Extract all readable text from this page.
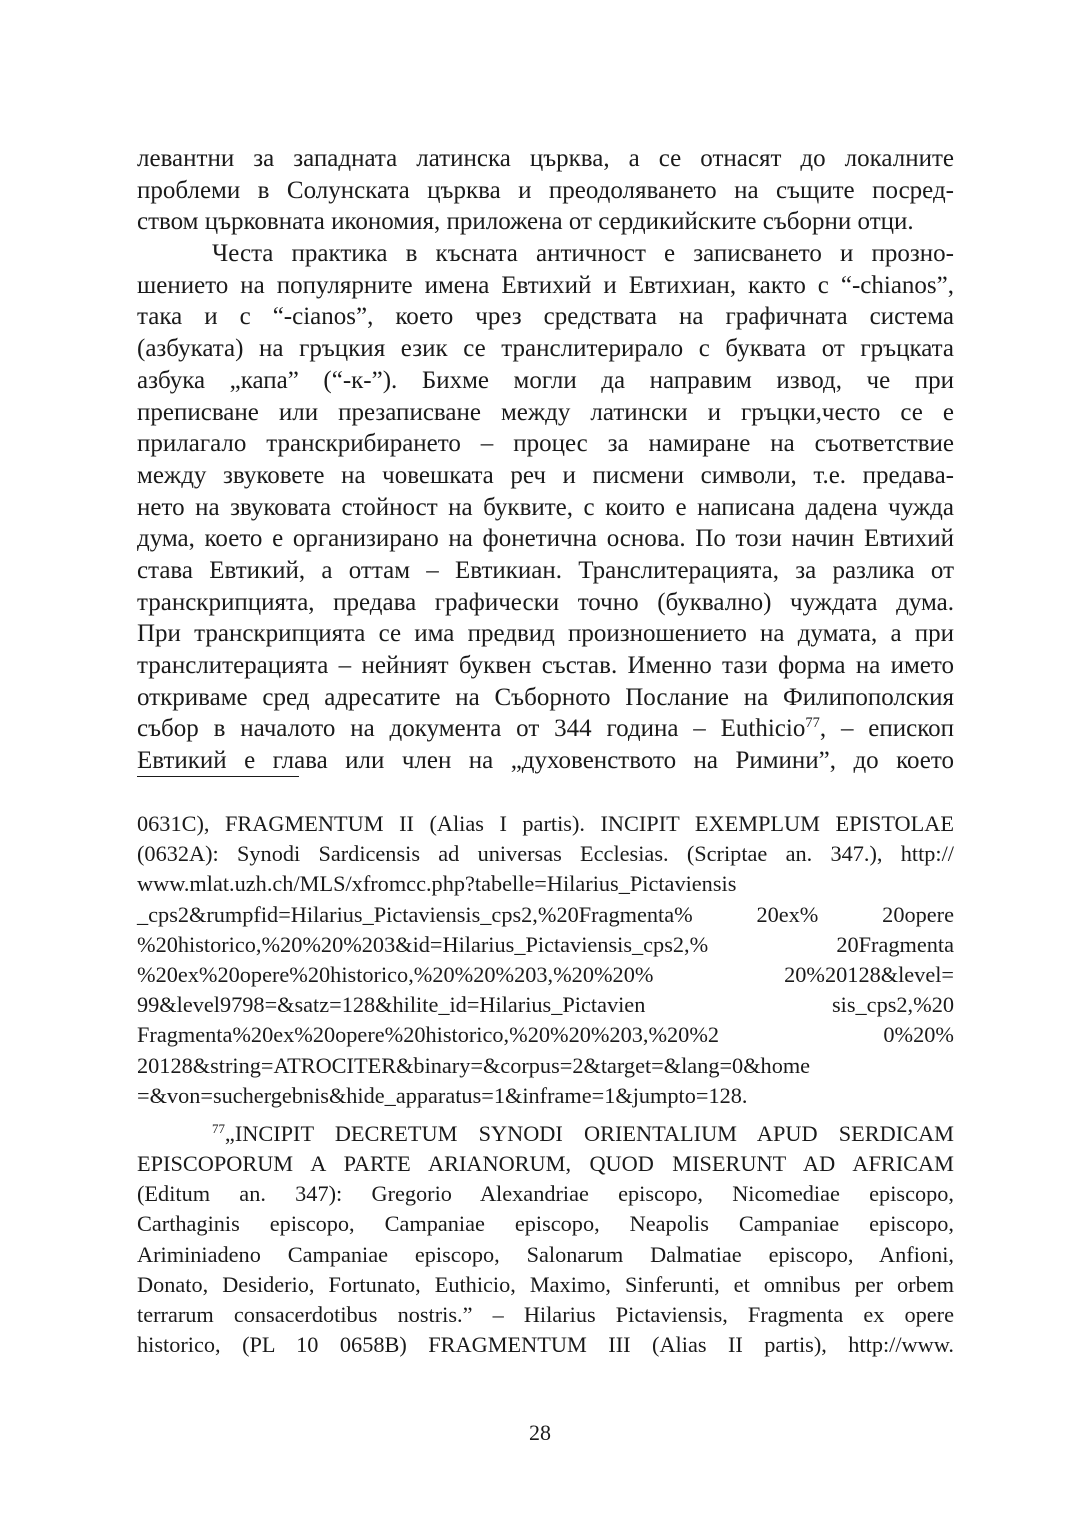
левантни за западната латинска църква, а се отнасят до локалните
проблеми в Солунската църква и преодоляването на същите посред-
ством църковната икономия, приложена от сердикийските съборни отци.
Честа практика в късната античност е записването и прозно-
шението на популярните имена Евтихий и Евтихиан, както с “-chianos”,
така и с “-cianos”, което чрез средствата на графичната система
(азбуката) на гръцкия език се транслитерирало с буквата от гръцката
азбука „капа” (“-к-”). Бихме могли да направим извод, че при
преписване или презаписване между латински и гръцки,често се е
прилагало транскрибирането – процес за намиране на съответствие
между звуковете на човешката реч и писмени символи, т.е. предава-
нето на звуковата стойност на буквите, с които е написана дадена чужда
дума, което е организирано на фонетична основа. По този начин Евтихий
става Евтикий, а оттам – Евтикиан. Транслитерацията, за разлика от
транскрипцията, предава графически точно (буквално) чуждата дума.
При транскрипцията се има предвид произношението на думата, а при
транслитерацията – нейният буквен състав. Именно тази форма на името
откриваме сред адресатите на Съборното Послание на Филипополския
събор в началото на документа от 344 година – Euthicio$^{77}$, – епископ
Евтикий е глава или член на „духовенството на Римини”, до което
0631C), FRAGMENTUM II (Alias I partis). INCIPIT EXEMPLUM EPISTOLAE
(0632A): Synodi Sardicensis ad universas Ecclesias. (Scriptae an. 347.), http://
www.mlat.uzh.ch/MLS/xfromcc.php?tabelle=Hilarius_Pictaviensis
_cps2&rumpfid=Hilarius_Pictaviensis_cps2,%20Fragmenta% 20ex% 20opere
%20historico,%20%20%203&id=Hilarius_Pictaviensis_cps2,% 20Fragmenta
%20ex%20opere%20historico,%20%20%203,%20%20% 20%20128&level=
99&level9798=&satz=128&hilite_id=Hilarius_Pictavien sis_cps2,%20
Fragmenta%20ex%20opere%20historico,%20%20%203,%20%2 0%20%
20128&string=ATROCITER&binary=&corpus=2&target=&lang=0&home
=&von=suchergebnis&hide_apparatus=1&inframe=1&jumpto=128.
$^{77}$„INCIPIT DECRETUM SYNODI ORIENTALIUM APUD SERDICAM
EPISCOPORUM A PARTE ARIANORUM, QUOD MISERUNT AD AFRICAM
(Editum an. 347): Gregorio Alexandriae episcopo, Nicomediae episcopo,
Carthaginis episcopo, Campaniae episcopo, Neapolis Campaniae episcopo,
Ariminiadeno Campaniae episcopo, Salonarum Dalmatiae episcopo, Anfioni,
Donato, Desiderio, Fortunato, Euthicio, Maximo, Sinferunti, et omnibus per orbem
terrarum consacerdotibus nostris.” – Hilarius Pictaviensis, Fragmenta ex opere
historico, (PL 10 0658B) FRAGMENTUM III (Alias II partis), http://www.
28
